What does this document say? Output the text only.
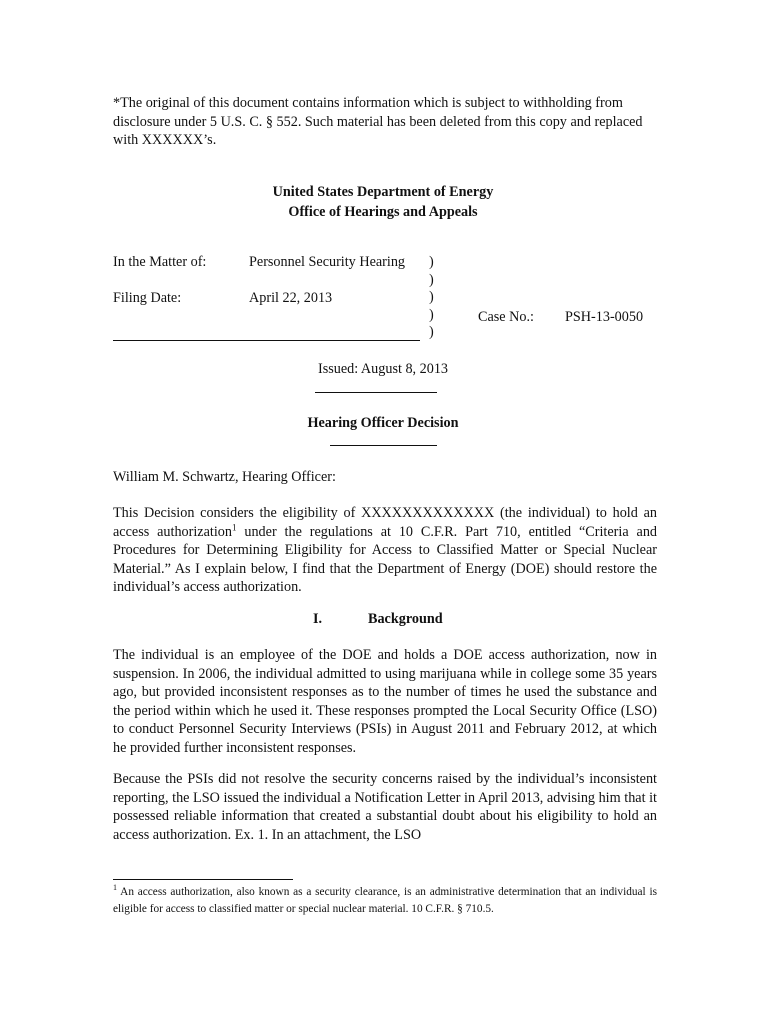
*The original of this document contains information which is subject to withholding from disclosure under 5 U.S. C. § 552. Such material has been deleted from this copy and replaced with XXXXXX’s.
United States Department of Energy
Office of Hearings and Appeals
In the Matter of:	Personnel Security Hearing
Filing Date:	April 22, 2013
)
)
)
)
)
Case No.: PSH-13-0050
Issued: August 8, 2013
Hearing Officer Decision
William M. Schwartz, Hearing Officer:

This Decision considers the eligibility of XXXXXXXXXXXXX (the individual) to hold an access authorization$^1$ under the regulations at 10 C.F.R. Part 710, entitled “Criteria and Procedures for Determining Eligibility for Access to Classified Matter or Special Nuclear Material.” As I explain below, I find that the Department of Energy (DOE) should restore the individual’s access authorization.

I.	Background

The individual is an employee of the DOE and holds a DOE access authorization, now in suspension. In 2006, the individual admitted to using marijuana while in college some 35 years ago, but provided inconsistent responses as to the number of times he used the substance and the period within which he used it. These responses prompted the Local Security Office (LSO) to conduct Personnel Security Interviews (PSIs) in August 2011 and February 2012, at which he provided further inconsistent responses.

Because the PSIs did not resolve the security concerns raised by the individual’s inconsistent reporting, the LSO issued the individual a Notification Letter in April 2013, advising him that it possessed reliable information that created a substantial doubt about his eligibility to hold an access authorization. Ex. 1. In an attachment, the LSO

$^1$ An access authorization, also known as a security clearance, is an administrative determination that an individual is eligible for access to classified matter or special nuclear material. 10 C.F.R. § 710.5.
